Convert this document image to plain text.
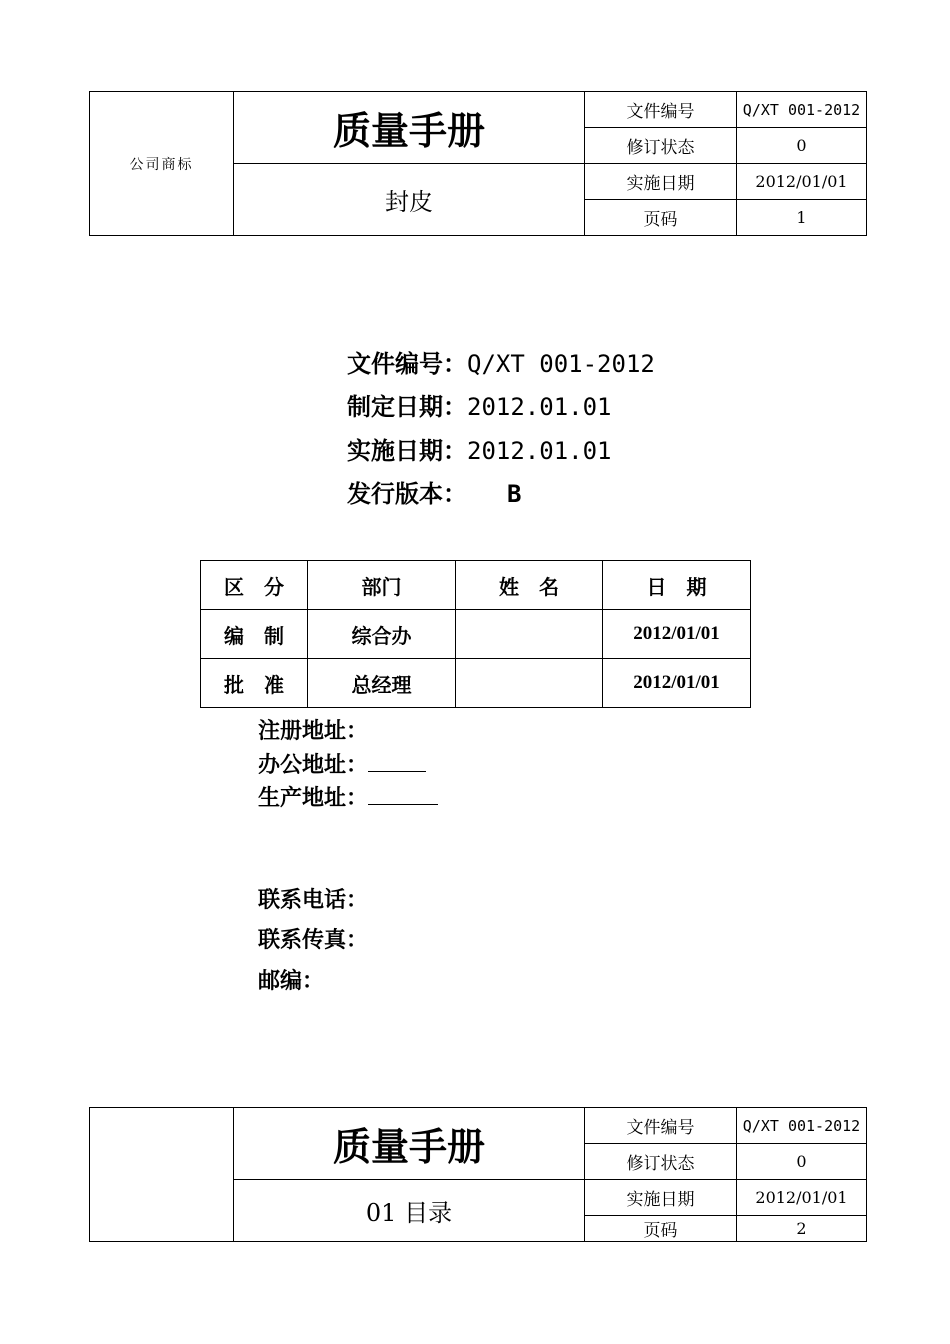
公司商标	质量手册	文件编号	Q/XT 001-2012
		修订状态	0
	封皮	实施日期	2012/01/01
		页码	1
文件编号：Q/XT 001-2012
制定日期：2012.01.01
实施日期：2012.01.01
发行版本： B
区　分	部门	姓　名	日　期
编　制	综合办		2012/01/01
批　准	总经理		2012/01/01
注册地址：
办公地址：
生产地址：
联系电话：
联系传真：
邮编：
	质量手册	文件编号	Q/XT 001-2012
		修订状态	0
	01 目录	实施日期	2012/01/01
		页码	2
